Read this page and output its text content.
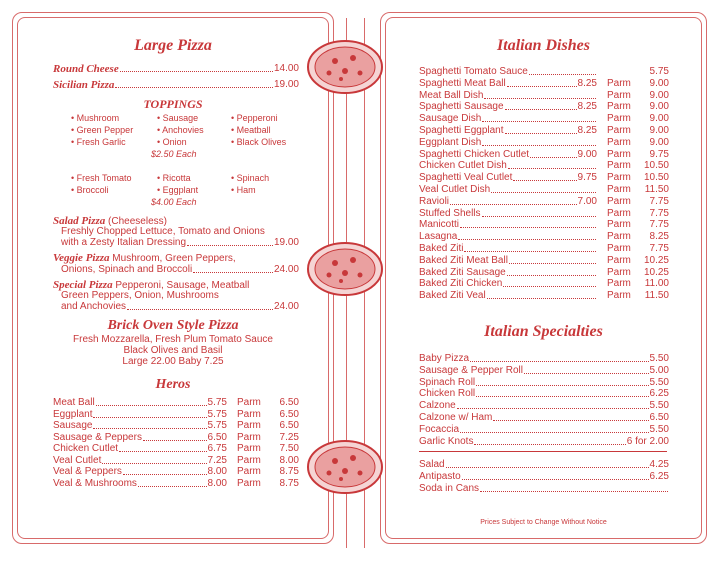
Large Pizza
Round Cheese	14.00
Sicilian Pizza	19.00
TOPPINGS
• Mushroom
• Green Pepper
• Fresh Garlic
• Sausage
• Anchovies
• Onion
• Pepperoni
• Meatball
• Black Olives
• Fresh Tomato
• Broccoli
• Ricotta
• Eggplant
• Spinach
• Ham
$2.50 Each
$4.00 Each
Salad Pizza (Cheeseless)
Freshly Chopped Lettuce, Tomato and Onions
with a Zesty Italian Dressing	19.00
Veggie Pizza Mushroom, Green Peppers,
Onions, Spinach and Broccoli	24.00
Special Pizza Pepperoni, Sausage, Meatball
Green Peppers, Onion, Mushrooms
and Anchovies	24.00
Brick Oven Style Pizza
Fresh Mozzarella, Fresh Plum Tomato Sauce
Black Olives and Basil
Large 22.00 Baby 7.25
Heros
Meat Ball	5.75 Parm	6.50
Eggplant	5.75 Parm	6.50
Sausage	5.75 Parm	6.50
Sausage & Peppers	6.50 Parm	7.25
Chicken Cutlet	6.75 Parm	7.50
Veal Cutlet	7.25 Parm	8.00
Veal & Peppers	8.00 Parm	8.75
Veal & Mushrooms	8.00 Parm	8.75
Italian Dishes
Spaghetti Tomato Sauce	5.75
Spaghetti Meat Ball	8.25 Parm	9.00
Meat Ball Dish	Parm	9.00
Spaghetti Sausage	8.25 Parm	9.00
Sausage Dish	Parm	9.00
Spaghetti Eggplant	8.25 Parm	9.00
Eggplant Dish	Parm	9.00
Spaghetti Chicken Cutlet	9.00 Parm	9.75
Chicken Cutlet Dish	Parm	10.50
Spaghetti Veal Cutlet	9.75 Parm	10.50
Veal Cutlet Dish	Parm	11.50
Ravioli	7.00 Parm	7.75
Stuffed Shells	Parm	7.75
Manicotti	Parm	7.75
Lasagna	Parm	8.25
Baked Ziti	Parm	7.75
Baked Ziti Meat Ball	Parm	10.25
Baked Ziti Sausage	Parm	10.25
Baked Ziti Chicken	Parm	11.00
Baked Ziti Veal	Parm	11.50
Italian Specialties
Baby Pizza	5.50
Sausage & Pepper Roll	5.00
Spinach Roll	5.50
Chicken Roll	6.25
Calzone	5.50
Calzone w/ Ham	6.50
Focaccia	5.50
Garlic Knots	6 for 2.00
Salad	4.25
Antipasto	6.25
Soda in Cans
Prices Subject to Change Without Notice
